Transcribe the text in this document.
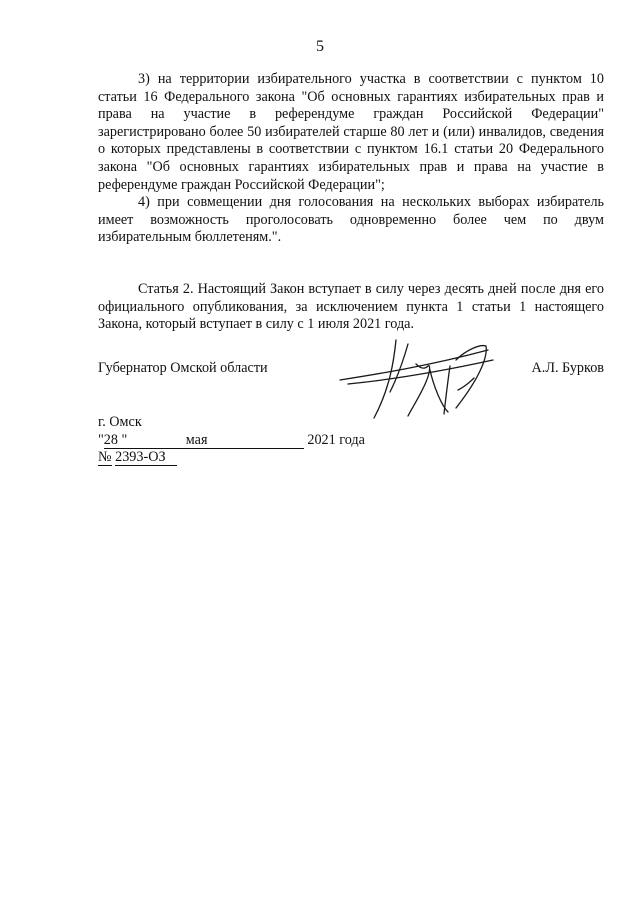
5

3) на территории избирательного участка в соответствии с пунктом 10 статьи 16 Федерального закона "Об основных гарантиях избирательных прав и права на участие в референдуме граждан Российской Федерации" зарегистрировано более 50 избирателей старше 80 лет и (или) инвалидов, сведения о которых представлены в соответствии с пунктом 16.1 статьи 20 Федерального закона "Об основных гарантиях избирательных прав и права на участие в референдуме граждан Российской Федерации";

4) при совмещении дня голосования на нескольких выборах избиратель имеет возможность проголосовать одновременно более чем по двум избирательным бюллетеням.".

Статья 2. Настоящий Закон вступает в силу через десять дней после дня его официального опубликования, за исключением пункта 1 статьи 1 настоящего Закона, который вступает в силу с 1 июля 2021 года.

Губернатор Омской области	А.Л. Бурков
г. Омск
"28 "	мая	2021 года
№ 2393-ОЗ
